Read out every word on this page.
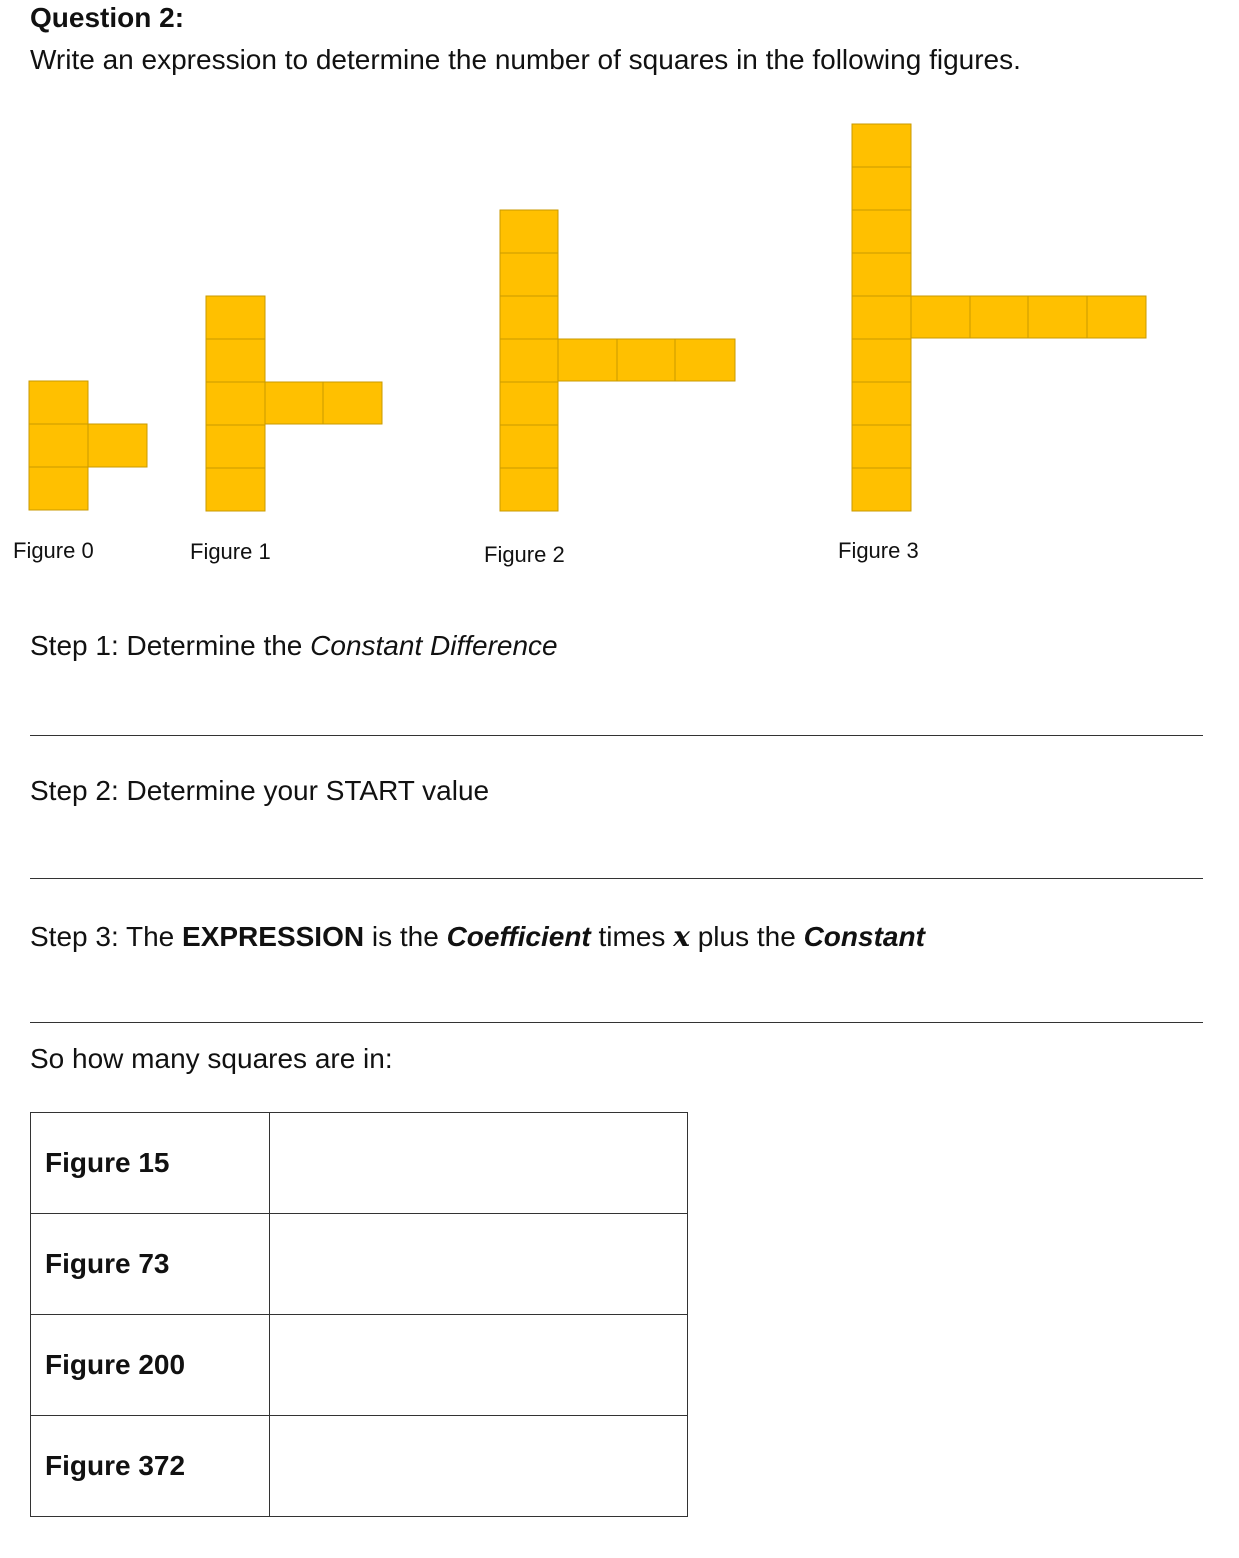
Question 2:
Write an expression to determine the number of squares in the following figures.
Figure 0	Figure 1	Figure 2	Figure 3
Step 1: Determine the Constant Difference
Step 2: Determine your START value
Step 3: The EXPRESSION is the Coefficient times x plus the Constant
So how many squares are in:
Figure 15	
Figure 73	
Figure 200	
Figure 372	
